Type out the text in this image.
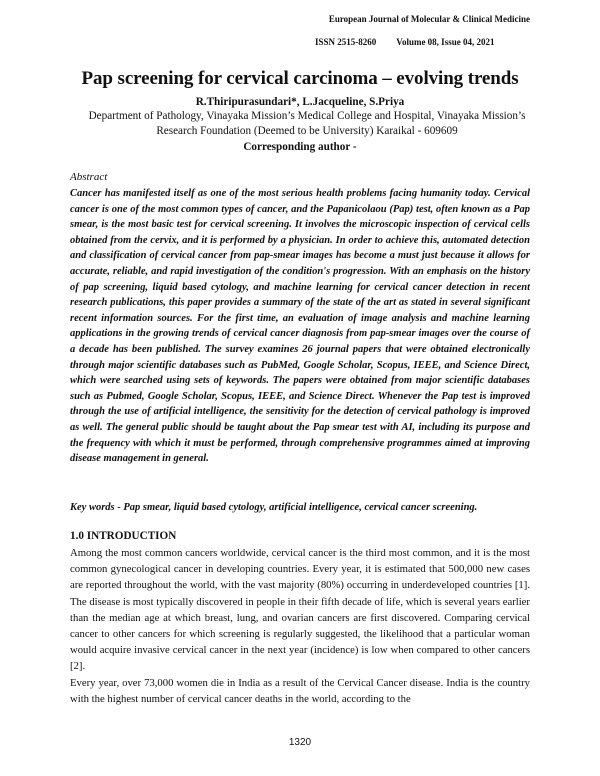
European Journal of Molecular & Clinical Medicine
ISSN 2515-8260 Volume 08, Issue 04, 2021
Pap screening for cervical carcinoma – evolving trends
R.Thiripurasundari*, L.Jacqueline, S.Priya
Department of Pathology, Vinayaka Mission’s Medical College and Hospital, Vinayaka Mission’s Research Foundation (Deemed to be University) Karaikal - 609609
Corresponding author -
Abstract
Cancer has manifested itself as one of the most serious health problems facing humanity today. Cervical cancer is one of the most common types of cancer, and the Papanicolaou (Pap) test, often known as a Pap smear, is the most basic test for cervical screening. It involves the microscopic inspection of cervical cells obtained from the cervix, and it is performed by a physician. In order to achieve this, automated detection and classification of cervical cancer from pap-smear images has become a must just because it allows for accurate, reliable, and rapid investigation of the condition's progression. With an emphasis on the history of pap screening, liquid based cytology, and machine learning for cervical cancer detection in recent research publications, this paper provides a summary of the state of the art as stated in several significant recent information sources. For the first time, an evaluation of image analysis and machine learning applications in the growing trends of cervical cancer diagnosis from pap-smear images over the course of a decade has been published. The survey examines 26 journal papers that were obtained electronically through major scientific databases such as PubMed, Google Scholar, Scopus, IEEE, and Science Direct, which were searched using sets of keywords. The papers were obtained from major scientific databases such as Pubmed, Google Scholar, Scopus, IEEE, and Science Direct. Whenever the Pap test is improved through the use of artificial intelligence, the sensitivity for the detection of cervical pathology is improved as well. The general public should be taught about the Pap smear test with AI, including its purpose and the frequency with which it must be performed, through comprehensive programmes aimed at improving disease management in general.
Key words - Pap smear, liquid based cytology, artificial intelligence, cervical cancer screening.
1.0 INTRODUCTION

Among the most common cancers worldwide, cervical cancer is the third most common, and it is the most common gynecological cancer in developing countries. Every year, it is estimated that 500,000 new cases are reported throughout the world, with the vast majority (80%) occurring in underdeveloped countries [1]. The disease is most typically discovered in people in their fifth decade of life, which is several years earlier than the median age at which breast, lung, and ovarian cancers are first discovered. Comparing cervical cancer to other cancers for which screening is regularly suggested, the likelihood that a particular woman would acquire invasive cervical cancer in the next year (incidence) is low when compared to other cancers [2].

Every year, over 73,000 women die in India as a result of the Cervical Cancer disease. India is the country with the highest number of cervical cancer deaths in the world, according to the

1320
